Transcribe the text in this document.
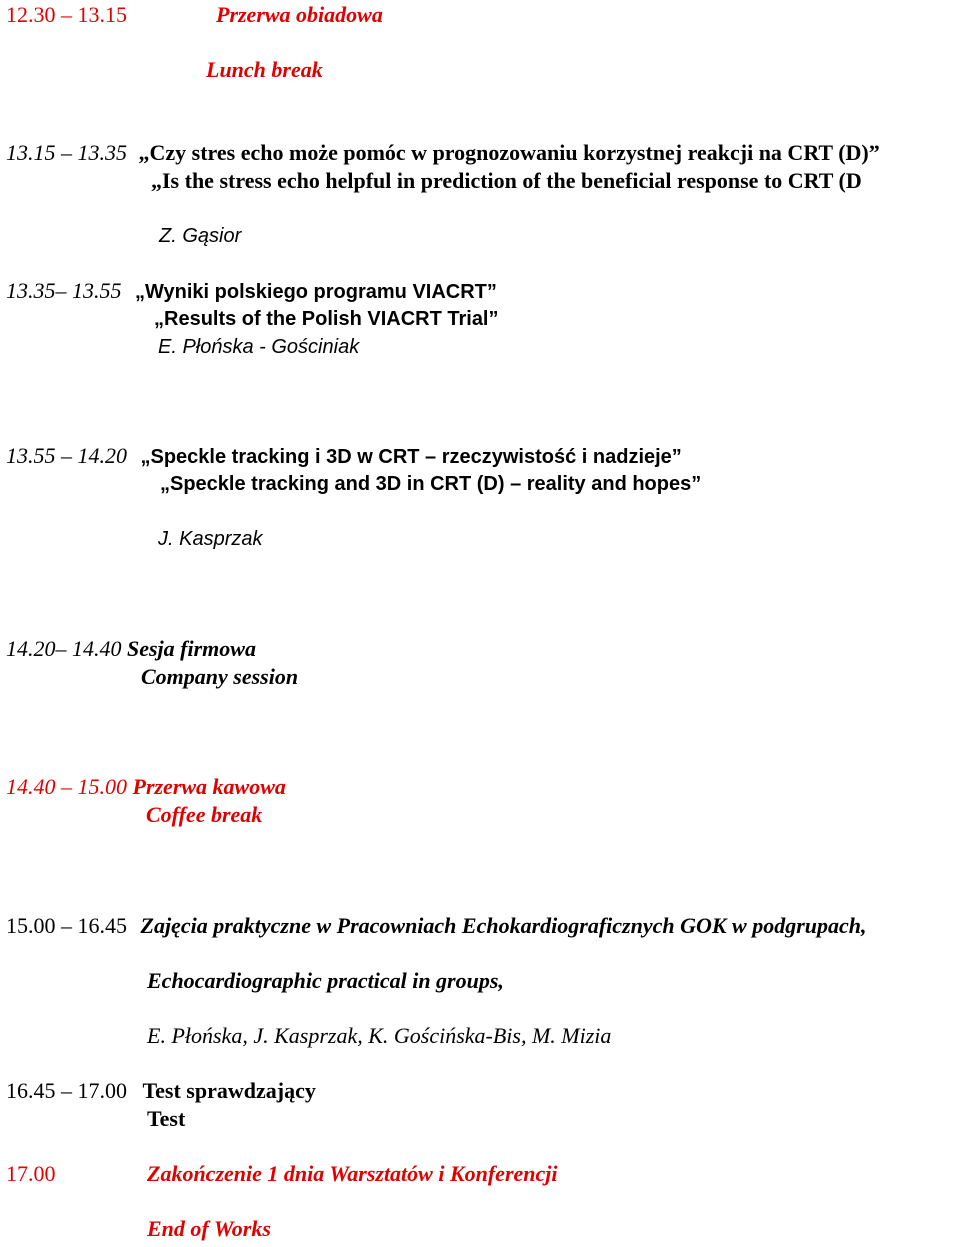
12.30 – 13.15	Przerwa obiadowa
Lunch break
13.15 – 13.35 „Czy stres echo może pomóc w prognozowaniu korzystnej reakcji na CRT (D)”
„Is the stress echo helpful in prediction of the beneficial response to CRT (D
Z. Gąsior
13.35– 13.55 „Wyniki polskiego programu VIACRT”
„Results of the Polish VIACRT Trial”
E. Płońska - Gościniak
13.55 – 14.20 „Speckle tracking i 3D w CRT – rzeczywistość i nadzieje”
„Speckle tracking and 3D in CRT (D) – reality and hopes”
J. Kasprzak
14.20– 14.40 Sesja firmowa
Company session
14.40 – 15.00 Przerwa kawowa
Coffee break
15.00 – 16.45 Zajęcia praktyczne w Pracowniach Echokardiograficznych GOK w podgrupach,
Echocardiographic practical in groups,
E. Płońska, J. Kasprzak, K. Gościńska-Bis, M. Mizia
16.45 – 17.00 Test sprawdzający
Test
17.00	Zakończenie 1 dnia Warsztatów i Konferencji
End of Works
